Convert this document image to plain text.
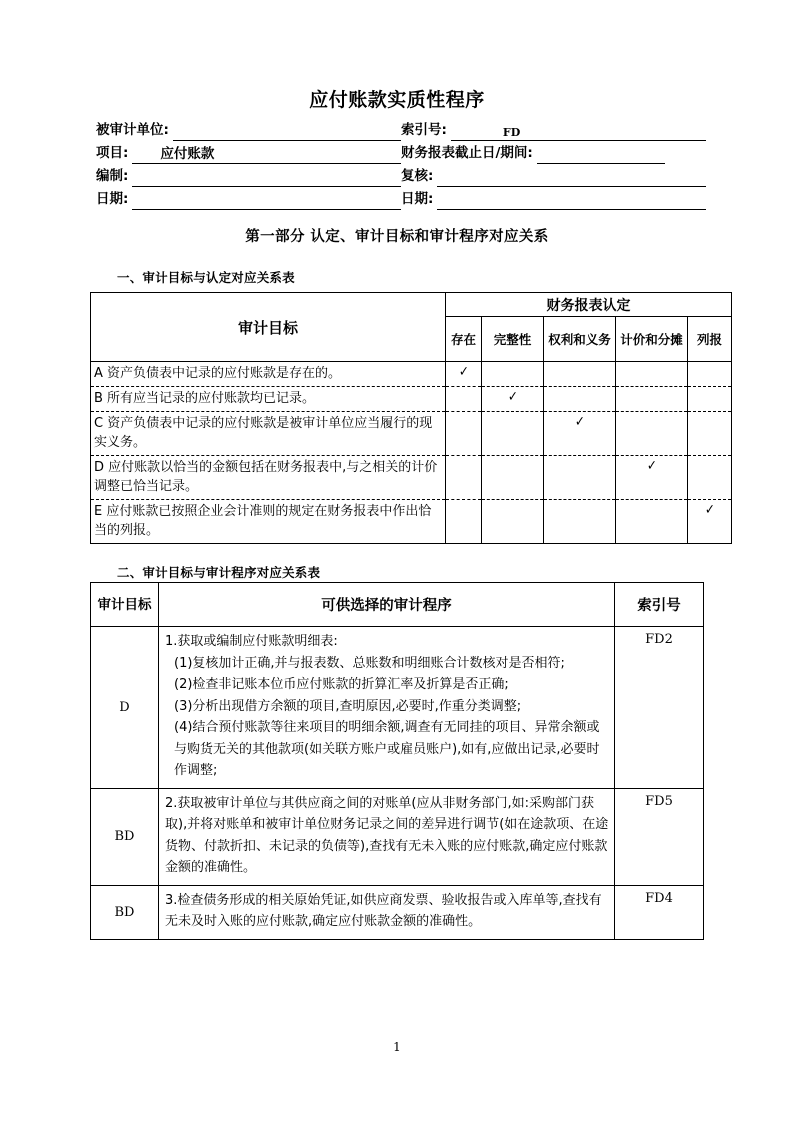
应付账款实质性程序
被审计单位:
项目: 应付账款
编制:
日期:
索引号:	FD
财务报表截止日/期间:
复核:
日期:
第一部分 认定、审计目标和审计程序对应关系
一、审计目标与认定对应关系表
审计目标	财务报表认定				
	存在	完整性	权利和义务	计价和分摊	列报
A 资产负债表中记录的应付账款是存在的。	✓				
B 所有应当记录的应付账款均已记录。		✓			
C 资产负债表中记录的应付账款是被审计单位应当履行的现实义务。			✓		
D 应付账款以恰当的金额包括在财务报表中,与之相关的计价调整已恰当记录。				✓	
E 应付账款已按照企业会计准则的规定在财务报表中作出恰当的列报。					✓
二、审计目标与审计程序对应关系表
审计目标	可供选择的审计程序	索引号
D	1.获取或编制应付账款明细表:
(1)复核加计正确,并与报表数、总账数和明细账合计数核对是否相符;
(2)检查非记账本位币应付账款的折算汇率及折算是否正确;
(3)分析出现借方余额的项目,查明原因,必要时,作重分类调整;
(4)结合预付账款等往来项目的明细余额,调查有无同挂的项目、异常余额或与购货无关的其他款项(如关联方账户或雇员账户),如有,应做出记录,必要时作调整;	FD2
BD	2.获取被审计单位与其供应商之间的对账单(应从非财务部门,如:采购部门获取),并将对账单和被审计单位财务记录之间的差异进行调节(如在途款项、在途货物、付款折扣、未记录的负债等),查找有无未入账的应付账款,确定应付账款金额的准确性。	FD5
BD	3.检查债务形成的相关原始凭证,如供应商发票、验收报告或入库单等,查找有无未及时入账的应付账款,确定应付账款金额的准确性。	FD4
1
